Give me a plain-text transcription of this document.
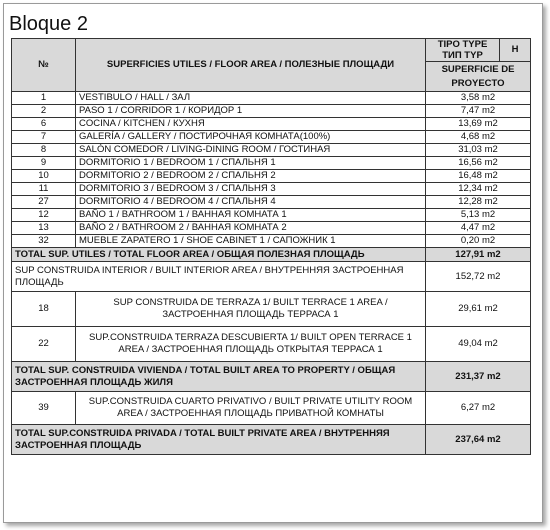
Bloque 2
№	SUPERFICIES UTILES / FLOOR AREA / ПОЛЕЗНЫЕ ПЛОЩАДИ	TIPO TYPE ТИП TYP	H
		SUPERFICIE DE PROYECTO	
1	VESTIBULO / HALL / ЗАЛ	3,58 m2	
2	PASO 1 / CORRIDOR 1 / КОРИДОР 1	7,47 m2	
6	COCINA / KITCHEN / КУХНЯ	13,69 m2	
7	GALERÍA / GALLERY / ПОСТИРОЧНАЯ КОМНАТА(100%)	4,68 m2	
8	SALÓN COMEDOR / LIVING-DINING ROOM / ГОСТИНАЯ	31,03 m2	
9	DORMITORIO 1 / BEDROOM 1 / СПАЛЬНЯ 1	16,56 m2	
10	DORMITORIO 2 / BEDROOM 2 / СПАЛЬНЯ 2	16,48 m2	
11	DORMITORIO 3 / BEDROOM 3 / СПАЛЬНЯ 3	12,34 m2	
27	DORMITORIO 4 / BEDROOM 4 / СПАЛЬНЯ 4	12,28 m2	
12	BAÑO 1 / BATHROOM 1 / ВАННАЯ КОМНАТА 1	5,13 m2	
13	BAÑO 2 / BATHROOM 2 / ВАННАЯ КОМНАТА 2	4,47 m2	
32	MUEBLE ZAPATERO 1 / SHOE CABINET 1 / САПОЖНИК 1	0,20 m2	
TOTAL SUP. UTILES / TOTAL FLOOR AREA / ОБЩАЯ ПОЛЕЗНАЯ ПЛОЩАДЬ		127,91 m2	
SUP CONSTRUIDA INTERIOR / BUILT INTERIOR AREA / ВНУТРЕННЯЯ ЗАСТРОЕННАЯ ПЛОЩАДЬ		152,72 m2	
18	SUP CONSTRUIDA DE TERRAZA 1/ BUILT TERRACE 1 AREA / ЗАСТРОЕННАЯ ПЛОЩАДЬ ТЕРРАСА 1	29,61 m2	
22	SUP.CONSTRUIDA TERRAZA DESCUBIERTA 1/ BUILT OPEN TERRACE 1 AREA / ЗАСТРОЕННАЯ ПЛОЩАДЬ ОТКРЫТАЯ ТЕРРАСА 1	49,04 m2	
TOTAL SUP. CONSTRUIDA VIVIENDA / TOTAL BUILT AREA TO PROPERTY / ОБЩАЯ ЗАСТРОЕННАЯ ПЛОЩАДЬ ЖИЛЯ		231,37 m2	
39	SUP.CONSTRUIDA CUARTO PRIVATIVO / BUILT PRIVATE UTILITY ROOM AREA / ЗАСТРОЕННАЯ ПЛОЩАДЬ ПРИВАТНОЙ КОМНАТЫ	6,27 m2	
TOTAL SUP.CONSTRUIDA PRIVADA / TOTAL BUILT PRIVATE AREA / ВНУТРЕННЯЯ ЗАСТРОЕННАЯ ПЛОЩАДЬ		237,64 m2	
